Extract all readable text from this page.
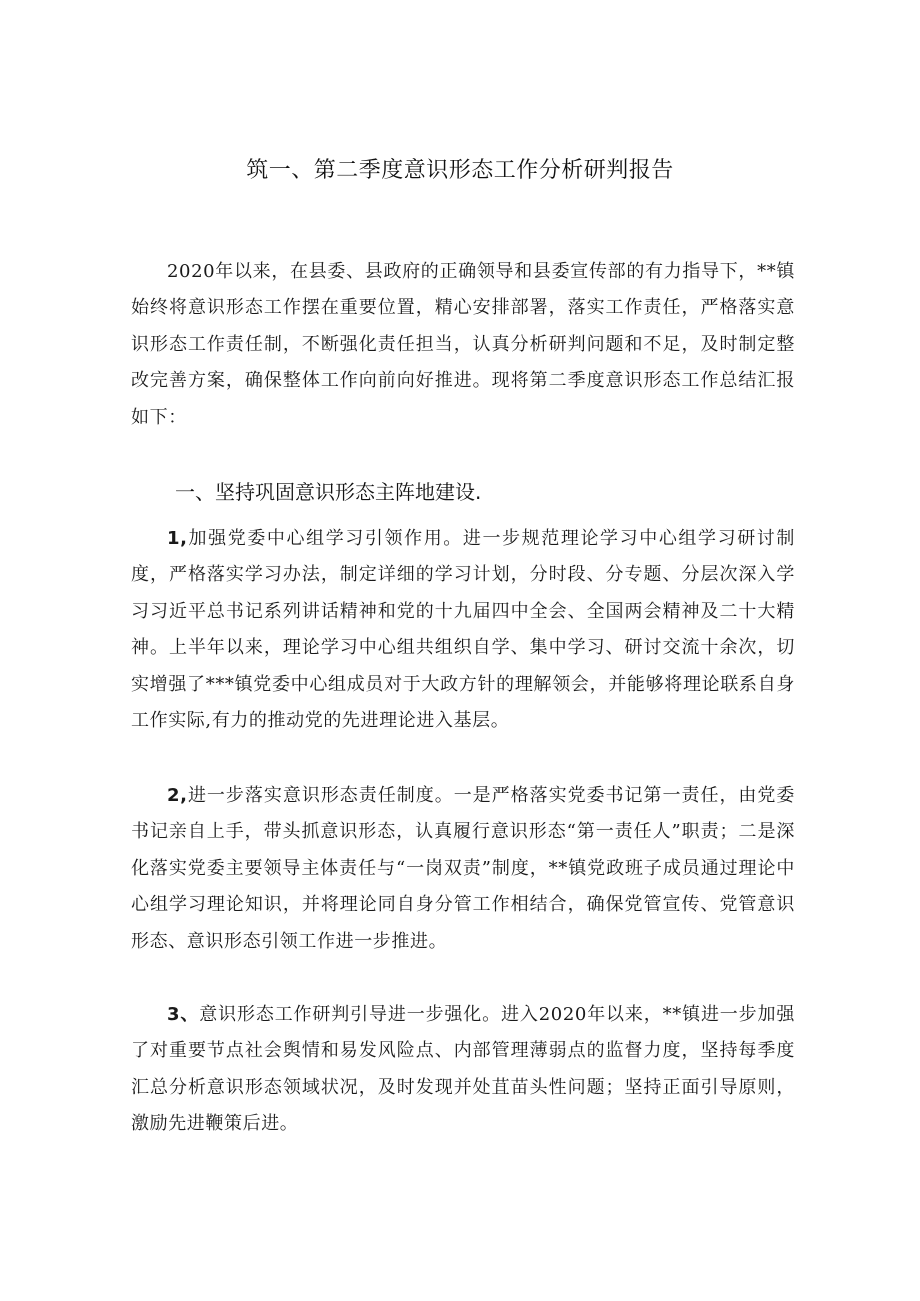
筑一、第二季度意识形态工作分析研判报告

2020年以来，在县委、县政府的正确领导和县委宣传部的有力指导下，**镇始终将意识形态工作摆在重要位置，精心安排部署，落实工作责任，严格落实意识形态工作责任制，不断强化责任担当，认真分析研判问题和不足，及时制定整改完善方案，确保整体工作向前向好推进。现将第二季度意识形态工作总结汇报如下：

一、坚持巩固意识形态主阵地建设.

1,加强党委中心组学习引领作用。进一步规范理论学习中心组学习研讨制度，严格落实学习办法，制定详细的学习计划，分时段、分专题、分层次深入学习习近平总书记系列讲话精神和党的十九届四中全会、全国两会精神及二十大精神。上半年以来，理论学习中心组共组织自学、集中学习、研讨交流十余次，切实增强了***镇党委中心组成员对于大政方针的理解领会，并能够将理论联系自身工作实际,有力的推动党的先进理论进入基层。

2,进一步落实意识形态责任制度。一是严格落实党委书记第一责任，由党委书记亲自上手，带头抓意识形态，认真履行意识形态“第一责任人”职责；二是深化落实党委主要领导主体责任与“一岗双责”制度，**镇党政班子成员通过理论中心组学习理论知识，并将理论同自身分管工作相结合，确保党管宣传、党管意识形态、意识形态引领工作进一步推进。

3、意识形态工作研判引导进一步强化。进入2020年以来，**镇进一步加强了对重要节点社会舆情和易发风险点、内部管理薄弱点的监督力度，坚持每季度汇总分析意识形态领域状况，及时发现并处苴苗头性问题；坚持正面引导原则，激励先进鞭策后进。
